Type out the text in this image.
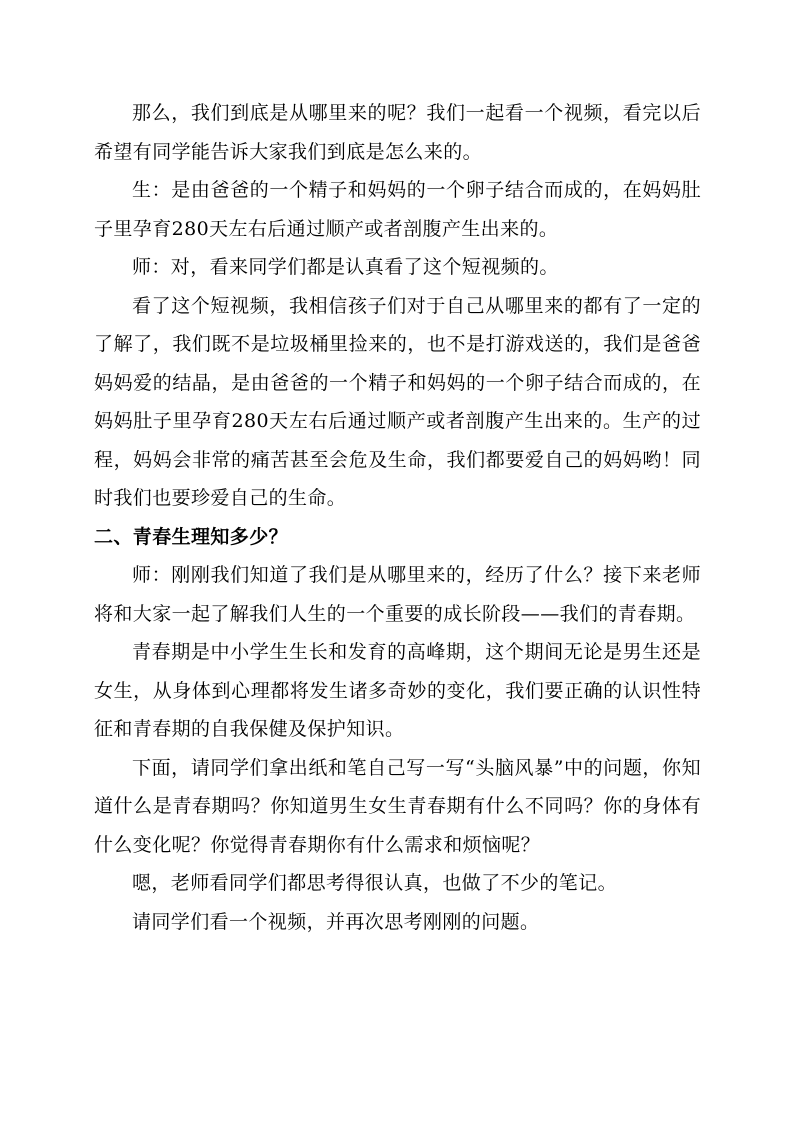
那么，我们到底是从哪里来的呢？我们一起看一个视频，看完以后希望有同学能告诉大家我们到底是怎么来的。

生：是由爸爸的一个精子和妈妈的一个卵子结合而成的，在妈妈肚子里孕育280天左右后通过顺产或者剖腹产生出来的。

师：对，看来同学们都是认真看了这个短视频的。

看了这个短视频，我相信孩子们对于自己从哪里来的都有了一定的了解了，我们既不是垃圾桶里捡来的，也不是打游戏送的，我们是爸爸妈妈爱的结晶，是由爸爸的一个精子和妈妈的一个卵子结合而成的，在妈妈肚子里孕育280天左右后通过顺产或者剖腹产生出来的。生产的过程，妈妈会非常的痛苦甚至会危及生命，我们都要爱自己的妈妈哟！同时我们也要珍爱自己的生命。

二、青春生理知多少？

师：刚刚我们知道了我们是从哪里来的，经历了什么？接下来老师将和大家一起了解我们人生的一个重要的成长阶段——我们的青春期。

青春期是中小学生生长和发育的高峰期，这个期间无论是男生还是女生，从身体到心理都将发生诸多奇妙的变化，我们要正确的认识性特征和青春期的自我保健及保护知识。

下面，请同学们拿出纸和笔自己写一写“头脑风暴”中的问题，你知道什么是青春期吗？你知道男生女生青春期有什么不同吗？你的身体有什么变化呢？你觉得青春期你有什么需求和烦恼呢？

嗯，老师看同学们都思考得很认真，也做了不少的笔记。

请同学们看一个视频，并再次思考刚刚的问题。
